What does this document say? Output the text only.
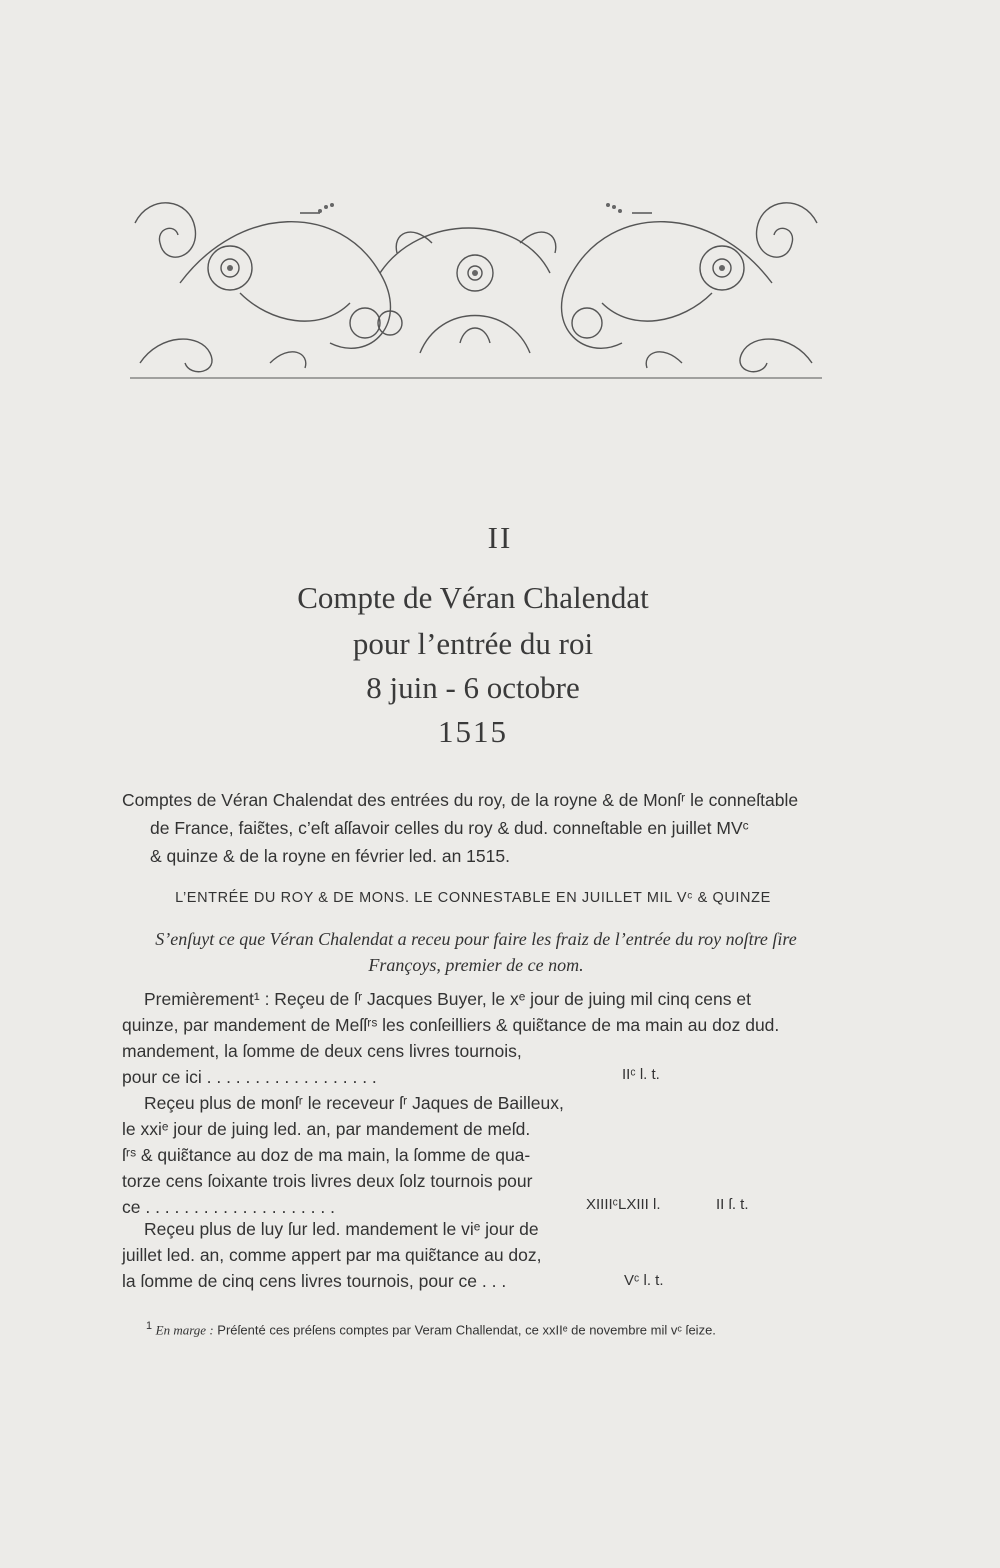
II
Compte de Véran Chalendat
pour l’entrée du roi
8 juin - 6 octobre
1515
Comptes de Véran Chalendat des entrées du roy, de la royne & de Monſʳ le conneſtable
de France, faiɛ̃tes, c’eſt aſſavoir celles du roy & dud. conneſtable en juillet MVᶜ
& quinze & de la royne en février led. an 1515.
L’ENTRÉE DU ROY & DE MONS. LE CONNESTABLE EN JUILLET MIL Vᶜ & QUINZE
S’enſuyt ce que Véran Chalendat a receu pour faire les fraiz de l’entrée du roy noſtre ſire
Françoys, premier de ce nom.
Premièrement¹ : Reçeu de ſʳ Jacques Buyer, le xᵉ jour de juing mil cinq cens et
quinze, par mandement de Meſſʳˢ les conſeilliers & quiɛ̃tance de ma main au doz dud.
mandement, la ſomme de deux cens livres tournois,
pour ce ici . . . . . . . . . . . . . . . . . .	IIᶜ l. t.
Reçeu plus de monſʳ le receveur ſʳ Jaques de Bailleux,
le xxiᵉ jour de juing led. an, par mandement de meſd.
ſʳˢ & quiɛ̃tance au doz de ma main, la ſomme de qua-
torze cens ſoixante trois livres deux ſolz tournois pour
ce . . . . . . . . . . . . . . . . . . . .	XIIIIᶜLXIII l.	II ſ. t.
Reçeu plus de luy ſur led. mandement le viᵉ jour de
juillet led. an, comme appert par ma quiɛ̃tance au doz,
la ſomme de cinq cens livres tournois, pour ce . . .	Vᶜ l. t.
$^1$ En marge : Préſenté ces préſens comptes par Veram Challendat, ce xxIIᵉ de novembre mil vᶜ ſeize.
